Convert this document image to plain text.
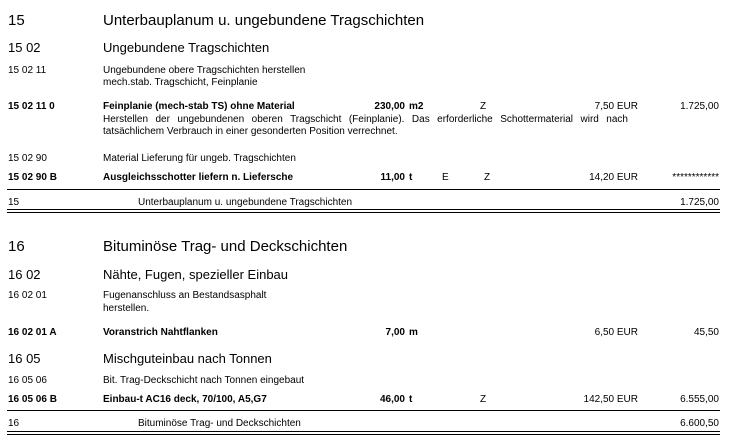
15	Unterbauplanum u. ungebundene Tragschichten
15 02	Ungebundene Tragschichten
15 02 11	Ungebundene obere Tragschichten herstellen
mech.stab. Tragschicht, Feinplanie
15 02 11 0	Feinplanie (mech-stab TS) ohne Material	230,00 m2	Z	7,50 EUR	1.725,00
Herstellen der ungebundenen oberen Tragschicht (Feinplanie). Das erforderliche Schottermaterial wird nach tatsächlichem Verbrauch in einer gesonderten Position verrechnet.
15 02 90	Material Lieferung für ungeb. Tragschichten
15 02 90 B	Ausgleichsschotter liefern n. Liefersche	11,00 t	E	Z	14,20 EUR	************
15	Unterbauplanum u. ungebundene Tragschichten	1.725,00
16	Bituminöse Trag- und Deckschichten
16 02	Nähte, Fugen, spezieller Einbau
16 02 01	Fugenanschluss an Bestandsasphalt
herstellen.
16 02 01 A	Voranstrich Nahtflanken	7,00 m	6,50 EUR	45,50
16 05	Mischguteinbau nach Tonnen
16 05 06	Bit. Trag-Deckschicht nach Tonnen eingebaut
16 05 06 B	Einbau-t AC16 deck, 70/100, A5,G7	46,00 t	Z	142,50 EUR	6.555,00
16	Bituminöse Trag- und Deckschichten	6.600,50
